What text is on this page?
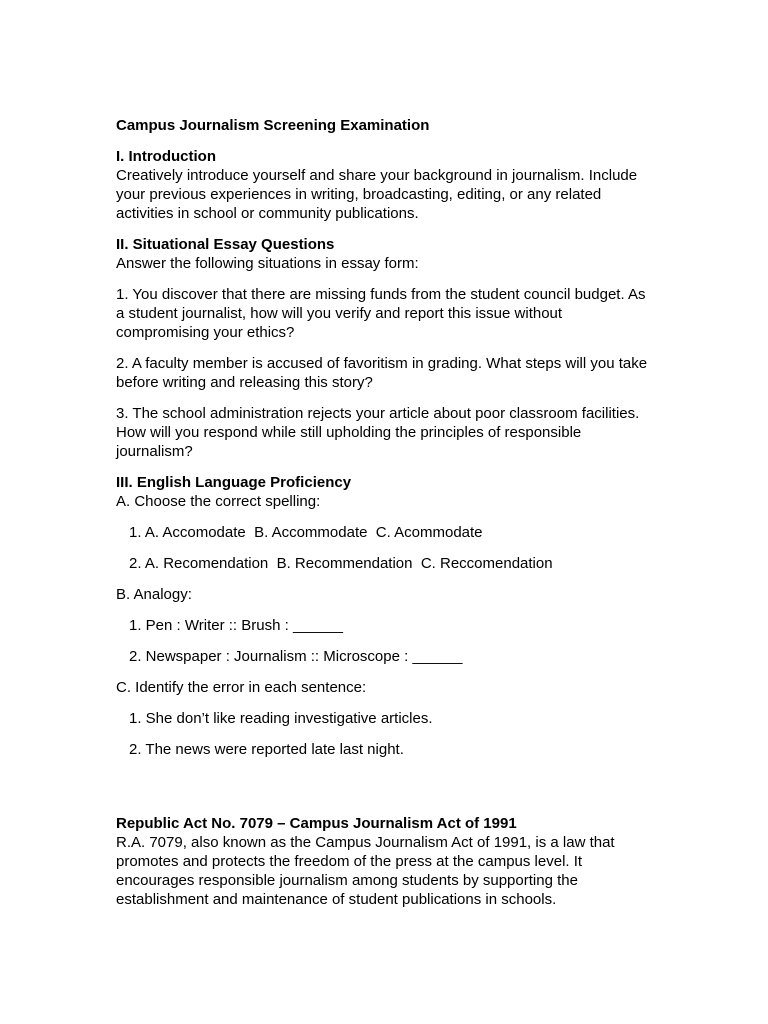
Campus Journalism Screening Examination

I. Introduction

Creatively introduce yourself and share your background in journalism. Include your previous experiences in writing, broadcasting, editing, or any related activities in school or community publications.

II. Situational Essay Questions

Answer the following situations in essay form:

1. You discover that there are missing funds from the student council budget. As a student journalist, how will you verify and report this issue without compromising your ethics?

2. A faculty member is accused of favoritism in grading. What steps will you take before writing and releasing this story?

3. The school administration rejects your article about poor classroom facilities. How will you respond while still upholding the principles of responsible journalism?

III. English Language Proficiency

A. Choose the correct spelling:

1. A. Accomodate  B. Accommodate  C. Acommodate

2. A. Recomendation  B. Recommendation  C. Reccomendation

B. Analogy:

1. Pen : Writer :: Brush : ______

2. Newspaper : Journalism :: Microscope : ______

C. Identify the error in each sentence:

1. She don’t like reading investigative articles.

2. The news were reported late last night.

Republic Act No. 7079 – Campus Journalism Act of 1991

R.A. 7079, also known as the Campus Journalism Act of 1991, is a law that promotes and protects the freedom of the press at the campus level. It encourages responsible journalism among students by supporting the establishment and maintenance of student publications in schools.
